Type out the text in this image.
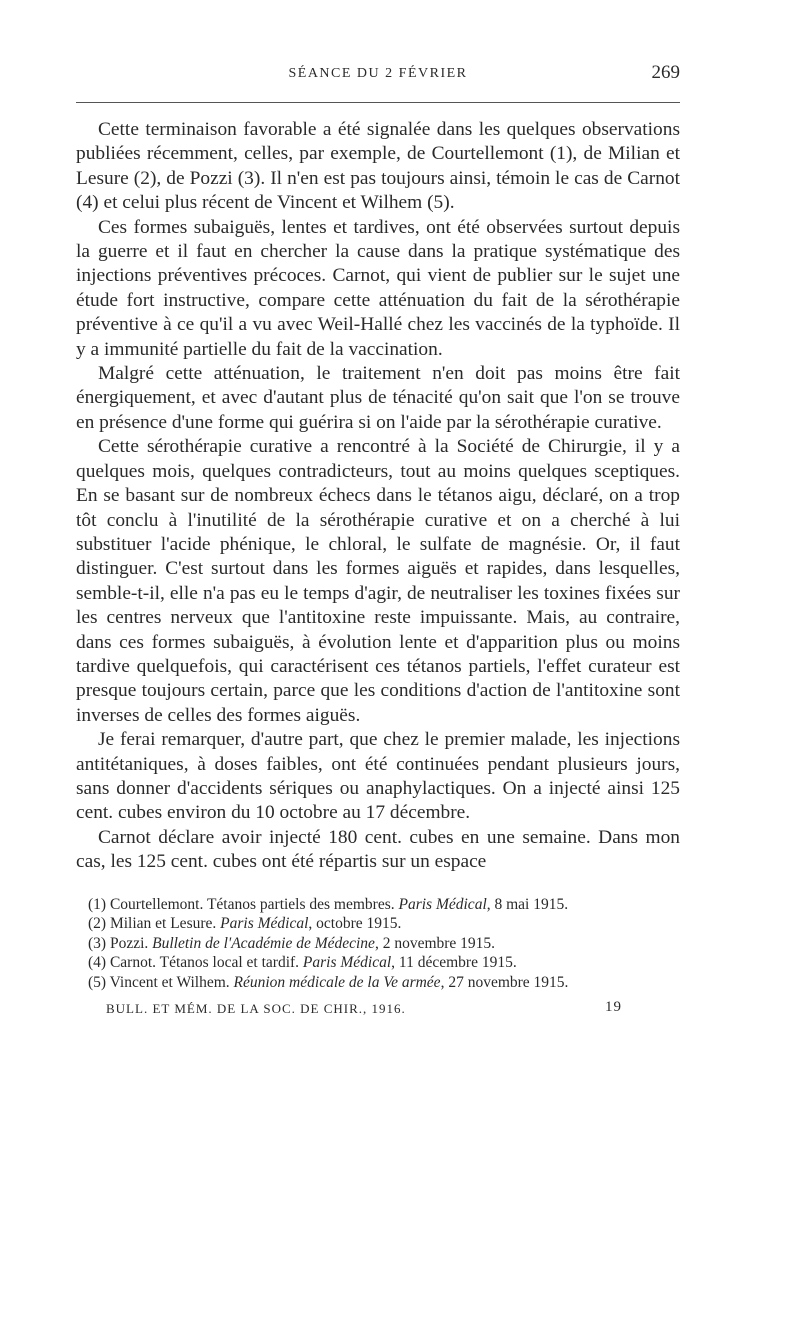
SÉANCE DU 2 FÉVRIER	269

Cette terminaison favorable a été signalée dans les quelques observations publiées récemment, celles, par exemple, de Courtellemont (1), de Milian et Lesure (2), de Pozzi (3). Il n'en est pas toujours ainsi, témoin le cas de Carnot (4) et celui plus récent de Vincent et Wilhem (5).

Ces formes subaiguës, lentes et tardives, ont été observées surtout depuis la guerre et il faut en chercher la cause dans la pratique systématique des injections préventives précoces. Carnot, qui vient de publier sur le sujet une étude fort instructive, compare cette atténuation du fait de la sérothérapie préventive à ce qu'il a vu avec Weil-Hallé chez les vaccinés de la typhoïde. Il y a immunité partielle du fait de la vaccination.

Malgré cette atténuation, le traitement n'en doit pas moins être fait énergiquement, et avec d'autant plus de ténacité qu'on sait que l'on se trouve en présence d'une forme qui guérira si on l'aide par la sérothérapie curative.

Cette sérothérapie curative a rencontré à la Société de Chirurgie, il y a quelques mois, quelques contradicteurs, tout au moins quelques sceptiques. En se basant sur de nombreux échecs dans le tétanos aigu, déclaré, on a trop tôt conclu à l'inutilité de la sérothérapie curative et on a cherché à lui substituer l'acide phénique, le chloral, le sulfate de magnésie. Or, il faut distinguer. C'est surtout dans les formes aiguës et rapides, dans lesquelles, semble-t-il, elle n'a pas eu le temps d'agir, de neutraliser les toxines fixées sur les centres nerveux que l'antitoxine reste impuissante. Mais, au contraire, dans ces formes subaiguës, à évolution lente et d'apparition plus ou moins tardive quelquefois, qui caractérisent ces tétanos partiels, l'effet curateur est presque toujours certain, parce que les conditions d'action de l'antitoxine sont inverses de celles des formes aiguës.

Je ferai remarquer, d'autre part, que chez le premier malade, les injections antitétaniques, à doses faibles, ont été continuées pendant plusieurs jours, sans donner d'accidents sériques ou anaphylactiques. On a injecté ainsi 125 cent. cubes environ du 10 octobre au 17 décembre.

Carnot déclare avoir injecté 180 cent. cubes en une semaine. Dans mon cas, les 125 cent. cubes ont été répartis sur un espace

(1) Courtellemont. Tétanos partiels des membres. Paris Médical, 8 mai 1915.

(2) Milian et Lesure. Paris Médical, octobre 1915.

(3) Pozzi. Bulletin de l'Académie de Médecine, 2 novembre 1915.

(4) Carnot. Tétanos local et tardif. Paris Médical, 11 décembre 1915.

(5) Vincent et Wilhem. Réunion médicale de la Ve armée, 27 novembre 1915.

BULL. ET MÉM. DE LA SOC. DE CHIR., 1916.	19
